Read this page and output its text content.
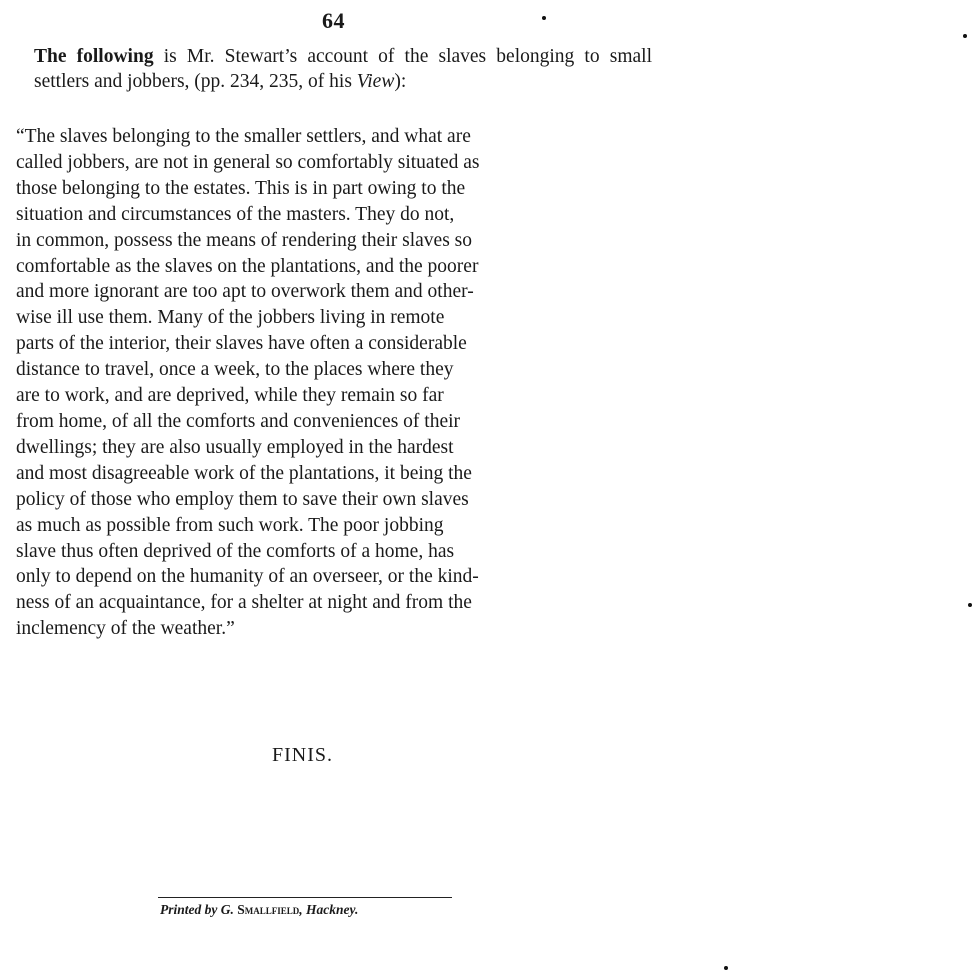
64
The following is Mr. Stewart’s account of the slaves belonging to small settlers and jobbers, (pp. 234, 235, of his View):
“The slaves belonging to the smaller settlers, and what are
called jobbers, are not in general so comfortably situated as
those belonging to the estates. This is in part owing to the
situation and circumstances of the masters. They do not,
in common, possess the means of rendering their slaves so
comfortable as the slaves on the plantations, and the poorer
and more ignorant are too apt to overwork them and other-
wise ill use them. Many of the jobbers living in remote
parts of the interior, their slaves have often a considerable
distance to travel, once a week, to the places where they
are to work, and are deprived, while they remain so far
from home, of all the comforts and conveniences of their
dwellings; they are also usually employed in the hardest
and most disagreeable work of the plantations, it being the
policy of those who employ them to save their own slaves
as much as possible from such work. The poor jobbing
slave thus often deprived of the comforts of a home, has
only to depend on the humanity of an overseer, or the kind-
ness of an acquaintance, for a shelter at night and from the
inclemency of the weather.”
FINIS.
Printed by G. Smallfield, Hackney.
